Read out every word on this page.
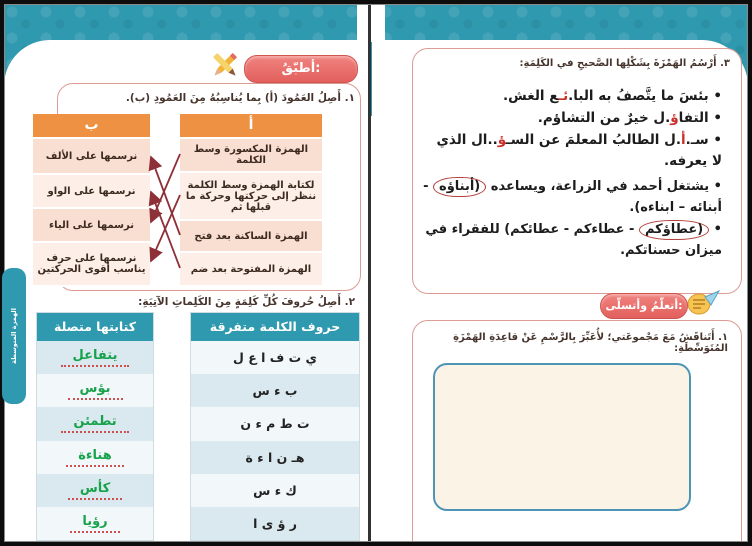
أطبّقُ:
١. أَصِلُ العَمُودَ (أ) بِما يُناسِبُهُ مِنَ العَمُودِ (ب).
أ
الهمزة المكسورة وسط الكلمة
لكتابة الهمزة وسط الكلمة ننظر إلى حركتها وحركة ما قبلها ثم
الهمزة الساكنة بعد فتح
الهمزة المفتوحة بعد ضم
ب
نرسمها على الألف
نرسمها على الواو
نرسمها على الياء
نرسمها على حرف يناسب أقوى الحركتين
٢. أَصِلُ حُروفَ كُلِّ كَلِمَةٍ مِنَ الكَلِماتِ الآتِيَةِ:
حروف الكلمة متفرقة
ي ت ف ا ع ل
ب ء س
ت ط م ء ن
هـ ن ا ء ة
ك ء س
ر ؤ ى ا
كتابتها متصلة
يتفاعل
بؤس
تطمئن
هناءة
كأس
رؤيا
٣. أَرْسُمُ الهَمْزَةَ بِشَكْلِها الصَّحيحِ في الكَلِمَةِ:
• بئسَ ما يتَّصفُ به البا.ئـع الغش.
• التفاؤ.ل خيرٌ من التشاؤم.
• سـ.أ.ل الطالبُ المعلمَ عن السـؤ..ال الذي لا يعرفه.
• يشتغل أحمد في الزراعة، ويساعده (أبناؤه - أبنائه – ابناءه).
• (عطاؤكم - عطاءكم - عطائكم) للفقراء في ميزان حسناتكم.
أتعلّمُ وأتسلّى:
١. أَتَناقَشُ مَعَ مَجْموعَتي؛ لأُعَبِّرَ بِالرَّسْمِ عَنْ قاعِدَةِ الهَمْزَةِ المُتَوَسِّطَةِ:
الهمزة المتوسطة
